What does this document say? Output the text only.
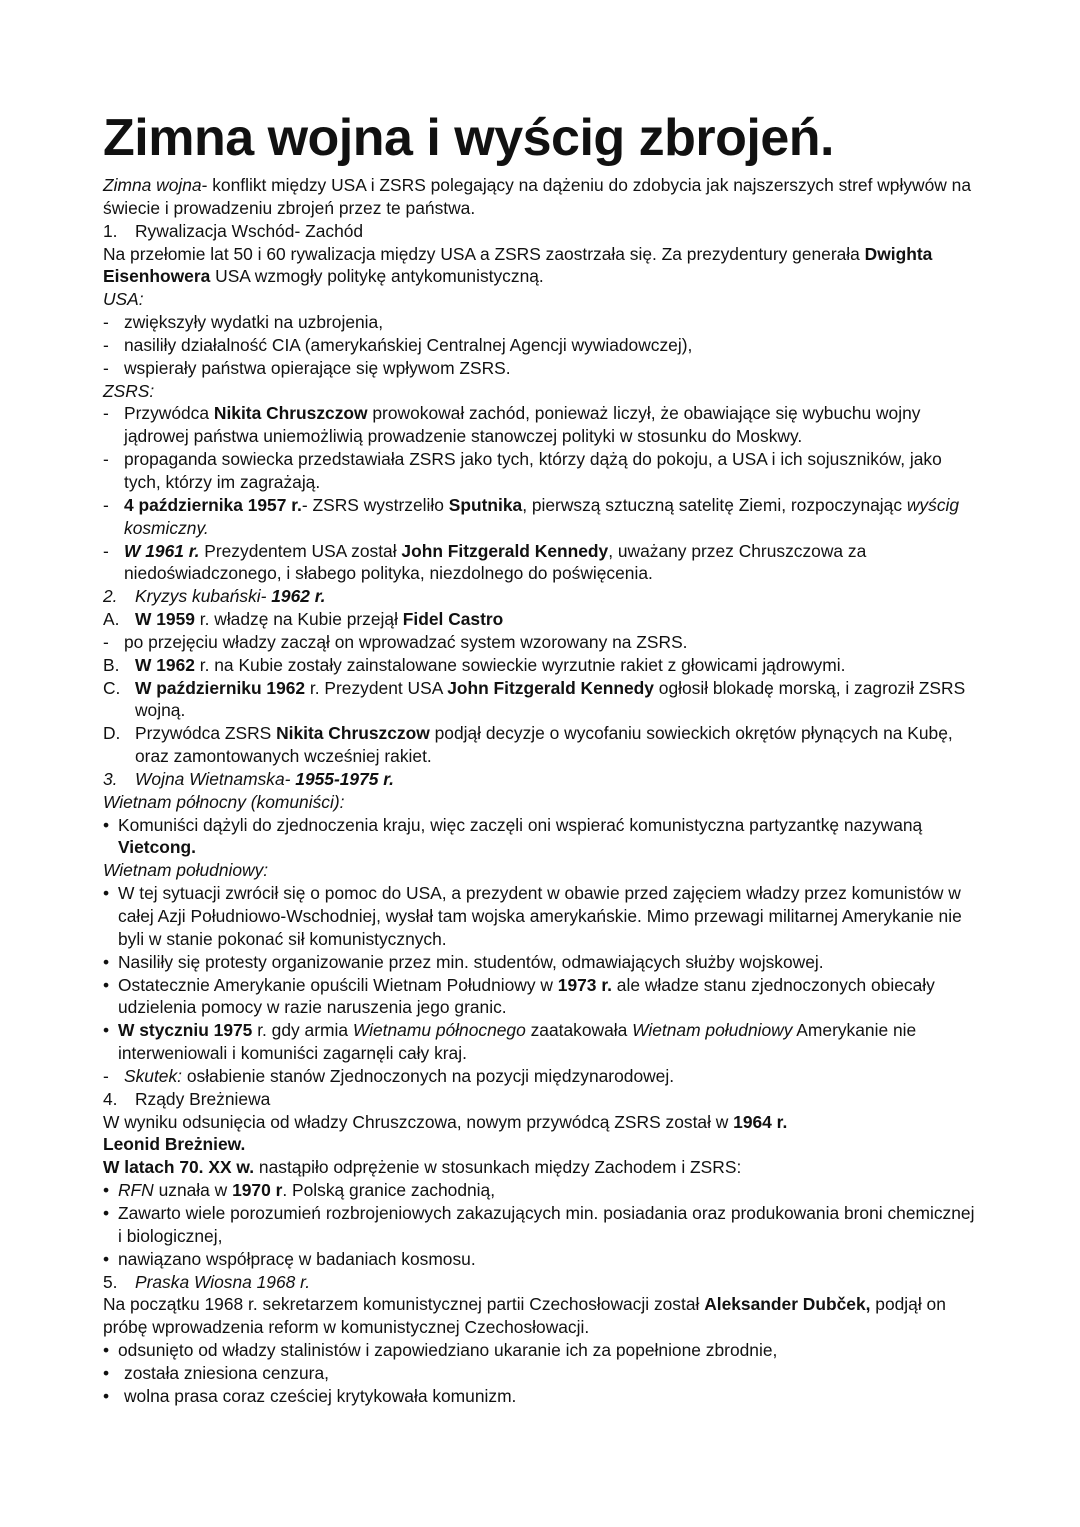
Zimna wojna i wyścig zbrojeń.

Zimna wojna- konflikt między USA i ZSRS polegający na dążeniu do zdobycia jak najszerszych stref wpływów na świecie i prowadzeniu zbrojeń przez te państwa.

1.	Rywalizacja Wschód- Zachód

Na przełomie lat 50 i 60 rywalizacja między USA a ZSRS zaostrzała się. Za prezydentury generała Dwighta Eisenhowera USA wzmogły politykę antykomunistyczną.

USA:

- zwiększyły wydatki na uzbrojenia,
- nasiliły działalność CIA (amerykańskiej Centralnej Agencji wywiadowczej),
- wspierały państwa opierające się wpływom ZSRS.

ZSRS:

- Przywódca Nikita Chruszczow prowokował zachód, ponieważ liczył, że obawiające się wybuchu wojny jądrowej państwa uniemożliwią prowadzenie stanowczej polityki w stosunku do Moskwy.
- propaganda sowiecka przedstawiała ZSRS jako tych, którzy dążą do pokoju, a USA i ich sojuszników, jako tych, którzy im zagrażają.
- 4 października 1957 r.- ZSRS wystrzeliło Sputnika, pierwszą sztuczną satelitę Ziemi, rozpoczynając wyścig kosmiczny.
- W 1961 r. Prezydentem USA został John Fitzgerald Kennedy, uważany przez Chruszczowa za niedoświadczonego, i słabego polityka, niezdolnego do poświęcenia.
2.	Kryzys kubański- 1962 r.
A. W 1959 r. władzę na Kubie przejął Fidel Castro
- po przejęciu władzy zaczął on wprowadzać system wzorowany na ZSRS.
B. W 1962 r. na Kubie zostały zainstalowane sowieckie wyrzutnie rakiet z głowicami jądrowymi.
C. W październiku 1962 r. Prezydent USA John Fitzgerald Kennedy ogłosił blokadę morską, i zagroził ZSRS wojną.
D. Przywódca ZSRS Nikita Chruszczow podjął decyzje o wycofaniu sowieckich okrętów płynących na Kubę, oraz zamontowanych wcześniej rakiet.
3.	Wojna Wietnamska- 1955-1975 r.

Wietnam północny (komuniści):

• Komuniści dążyli do zjednoczenia kraju, więc zaczęli oni wspierać komunistyczna partyzantkę nazywaną Vietcong.

Wietnam południowy:

• W tej sytuacji zwrócił się o pomoc do USA, a prezydent w obawie przed zajęciem władzy przez komunistów w całej Azji Południowo-Wschodniej, wysłał tam wojska amerykańskie. Mimo przewagi militarnej Amerykanie nie byli w stanie pokonać sił komunistycznych.
• Nasiliły się protesty organizowanie przez min. studentów, odmawiających służby wojskowej.
• Ostatecznie Amerykanie opuścili Wietnam Południowy w 1973 r. ale władze stanu zjednoczonych obiecały udzielenia pomocy w razie naruszenia jego granic.
• W styczniu 1975 r. gdy armia Wietnamu północnego zaatakowała Wietnam południowy Amerykanie nie interweniowali i komuniści zagarnęli cały kraj.
- Skutek: osłabienie stanów Zjednoczonych na pozycji międzynarodowej.
4.	Rządy Breżniewa

W wyniku odsunięcia od władzy Chruszczowa, nowym przywódcą ZSRS został w 1964 r.
Leonid Breżniew.

W latach 70. XX w. nastąpiło odprężenie w stosunkach między Zachodem i ZSRS:

• RFN uznała w 1970 r. Polską granice zachodnią,
• Zawarto wiele porozumień rozbrojeniowych zakazujących min. posiadania oraz produkowania broni chemicznej i biologicznej,
• nawiązano współpracę w badaniach kosmosu.
5.	Praska Wiosna 1968 r.

Na początku 1968 r. sekretarzem komunistycznej partii Czechosłowacji został Aleksander Dubček, podjął on próbę wprowadzenia reform w komunistycznej Czechosłowacji.

• odsunięto od władzy stalinistów i zapowiedziano ukaranie ich za popełnione zbrodnie,
• została zniesiona cenzura,
• wolna prasa coraz cześciej krytykowała komunizm.
